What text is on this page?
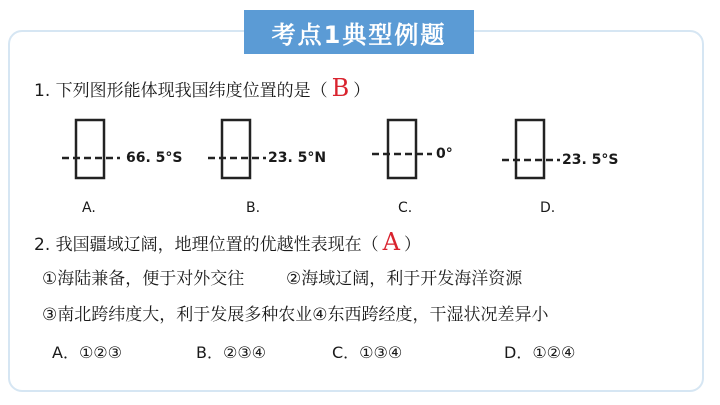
考点1典型例题
1. 下列图形能体现我国纬度位置的是（ B ）
66. 5°S
A.
23. 5°N
B.
0°
C.
23. 5°S
D.
2. 我国疆域辽阔，地理位置的优越性表现在（ A ）
①海陆兼备，便于对外交往 ②海域辽阔，利于开发海洋资源
③南北跨纬度大，利于发展多种农业④东西跨经度，干湿状况差异小
A．①②③	B．②③④	C．①③④	D．①②④
